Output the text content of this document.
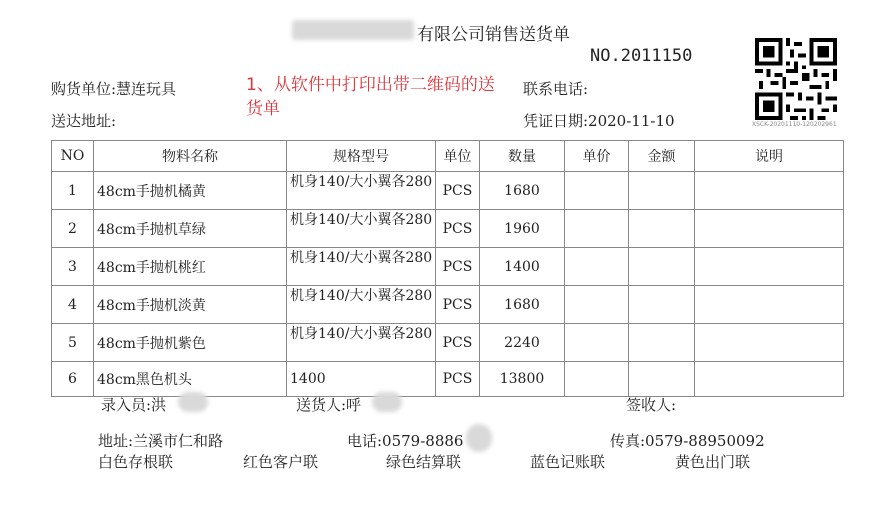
有限公司销售送货单
NO.2011150
XSCK-20201110-120202961
购货单位:慧连玩具
送达地址:
1、从软件中打印出带二维码的送货单
联系电话:
凭证日期:2020-11-10
NO	物料名称	规格型号	单位	数量	单价	金额	说明
1	48cm手抛机橘黄	机身140/大小翼各280	PCS	1680			
2	48cm手抛机草绿	机身140/大小翼各280	PCS	1960			
3	48cm手抛机桃红	机身140/大小翼各280	PCS	1400			
4	48cm手抛机淡黄	机身140/大小翼各280	PCS	1680			
5	48cm手抛机紫色	机身140/大小翼各280	PCS	2240			
6	48cm黑色机头	1400	PCS	13800			
录入员:洪	送货人:呼	签收人:
地址:兰溪市仁和路	电话:0579-8886	传真:0579-88950092
白色存根联	红色客户联	绿色结算联	蓝色记账联	黄色出门联
